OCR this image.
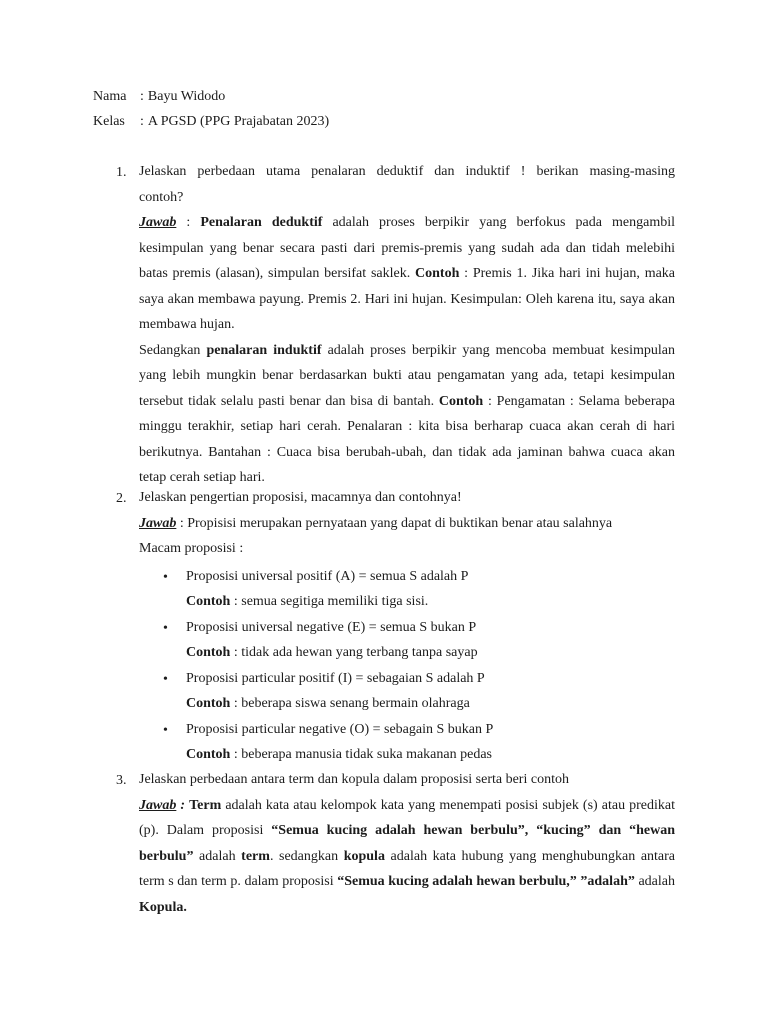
Nama : Bayu Widodo
Kelas : A PGSD (PPG Prajabatan 2023)
1. Jelaskan perbedaan utama penalaran deduktif dan induktif ! berikan masing-masing

contoh?

Jawab : Penalaran deduktif adalah proses berpikir yang berfokus pada mengambil kesimpulan yang benar secara pasti dari premis-premis yang sudah ada dan tidah melebihi batas premis (alasan), simpulan bersifat saklek. Contoh : Premis 1. Jika hari ini hujan, maka saya akan membawa payung. Premis 2. Hari ini hujan. Kesimpulan: Oleh karena itu, saya akan membawa hujan.

Sedangkan penalaran induktif adalah proses berpikir yang mencoba membuat kesimpulan yang lebih mungkin benar berdasarkan bukti atau pengamatan yang ada, tetapi kesimpulan tersebut tidak selalu pasti benar dan bisa di bantah. Contoh : Pengamatan : Selama beberapa minggu terakhir, setiap hari cerah. Penalaran : kita bisa berharap cuaca akan cerah di hari berikutnya. Bantahan : Cuaca bisa berubah-ubah, dan tidak ada jaminan bahwa cuaca akan tetap cerah setiap hari.

2. Jelaskan pengertian proposisi, macamnya dan contohnya!

Jawab : Propisisi merupakan pernyataan yang dapat di buktikan benar atau salahnya

Macam proposisi :

• Proposisi universal positif (A) = semua S adalah P
Contoh : semua segitiga memiliki tiga sisi.
• Proposisi universal negative (E) = semua S bukan P
Contoh : tidak ada hewan yang terbang tanpa sayap
• Proposisi particular positif (I) = sebagaian S adalah P
Contoh : beberapa siswa senang bermain olahraga
• Proposisi particular negative (O) = sebagain S bukan P
Contoh : beberapa manusia tidak suka makanan pedas
3. Jelaskan perbedaan antara term dan kopula dalam proposisi serta beri contoh

Jawab : Term adalah kata atau kelompok kata yang menempati posisi subjek (s) atau predikat (p). Dalam proposisi “Semua kucing adalah hewan berbulu”, “kucing” dan “hewan berbulu” adalah term. sedangkan kopula adalah kata hubung yang menghubungkan antara term s dan term p. dalam proposisi “Semua kucing adalah hewan berbulu,” ”adalah” adalah Kopula.
